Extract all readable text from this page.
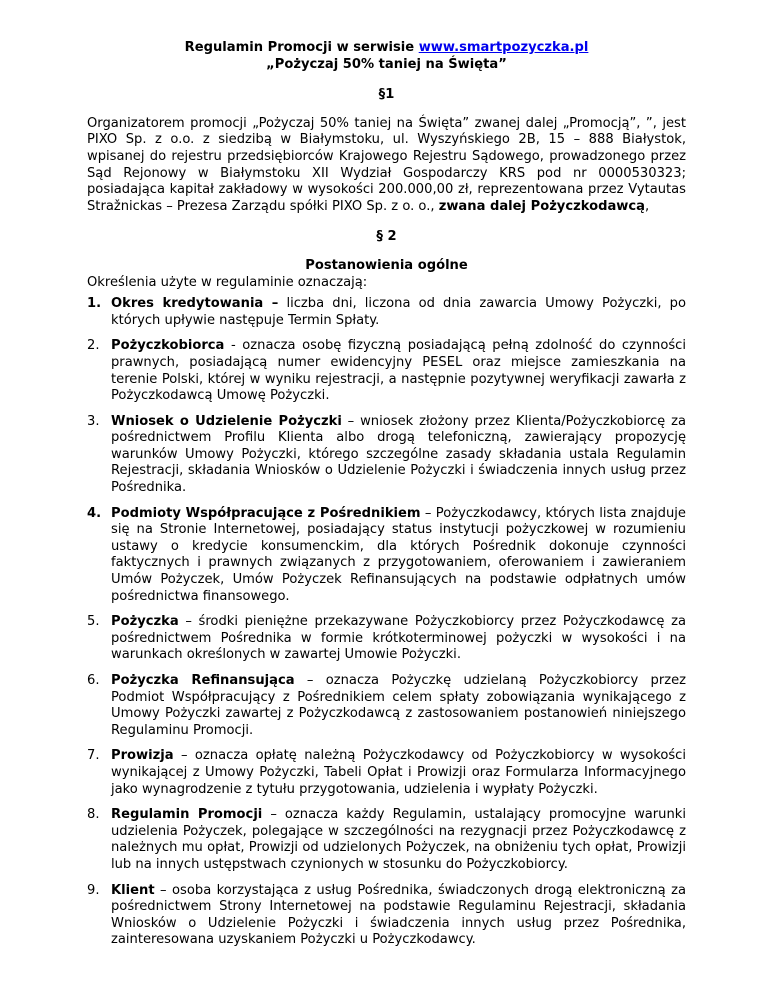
Regulamin Promocji w serwisie www.smartpozyczka.pl

„Pożyczaj 50% taniej na Święta”

§1

Organizatorem promocji „Pożyczaj 50% taniej na Święta” zwanej dalej „Promocją”, ”, jest PIXO Sp. z o.o. z siedzibą w Białymstoku, ul. Wyszyńskiego 2B, 15 – 888 Białystok, wpisanej do rejestru przedsiębiorców Krajowego Rejestru Sądowego, prowadzonego przez Sąd Rejonowy w Białymstoku XII Wydział Gospodarczy KRS pod nr 0000530323; posiadająca kapitał zakładowy w wysokości 200.000,00 zł, reprezentowana przez Vytautas Stražnickas – Prezesa Zarządu spółki PIXO Sp. z o. o., zwana dalej Pożyczkodawcą,

§ 2
Postanowienia ogólne

Określenia użyte w regulaminie oznaczają:

1. Okres kredytowania – liczba dni, liczona od dnia zawarcia Umowy Pożyczki, po których upływie następuje Termin Spłaty.
2. Pożyczkobiorca - oznacza osobę fizyczną posiadającą pełną zdolność do czynności prawnych, posiadającą numer ewidencyjny PESEL oraz miejsce zamieszkania na terenie Polski, której w wyniku rejestracji, a następnie pozytywnej weryfikacji zawarła z Pożyczkodawcą Umowę Pożyczki.
3. Wniosek o Udzielenie Pożyczki – wniosek złożony przez Klienta/Pożyczkobiorcę za pośrednictwem Profilu Klienta albo drogą telefoniczną, zawierający propozycję warunków Umowy Pożyczki, którego szczególne zasady składania ustala Regulamin Rejestracji, składania Wniosków o Udzielenie Pożyczki i świadczenia innych usług przez Pośrednika.
4. Podmioty Współpracujące z Pośrednikiem – Pożyczkodawcy, których lista znajduje się na Stronie Internetowej, posiadający status instytucji pożyczkowej w rozumieniu ustawy o kredycie konsumenckim, dla których Pośrednik dokonuje czynności faktycznych i prawnych związanych z przygotowaniem, oferowaniem i zawieraniem Umów Pożyczek, Umów Pożyczek Refinansujących na podstawie odpłatnych umów pośrednictwa finansowego.
5. Pożyczka – środki pieniężne przekazywane Pożyczkobiorcy przez Pożyczkodawcę za pośrednictwem Pośrednika w formie krótkoterminowej pożyczki w wysokości i na warunkach określonych w zawartej Umowie Pożyczki.
6. Pożyczka Refinansująca – oznacza Pożyczkę udzielaną Pożyczkobiorcy przez Podmiot Współpracujący z Pośrednikiem celem spłaty zobowiązania wynikającego z Umowy Pożyczki zawartej z Pożyczkodawcą z zastosowaniem postanowień niniejszego Regulaminu Promocji.
7. Prowizja – oznacza opłatę należną Pożyczkodawcy od Pożyczkobiorcy w wysokości wynikającej z Umowy Pożyczki, Tabeli Opłat i Prowizji oraz Formularza Informacyjnego jako wynagrodzenie z tytułu przygotowania, udzielenia i wypłaty Pożyczki.
8. Regulamin Promocji – oznacza każdy Regulamin, ustalający promocyjne warunki udzielenia Pożyczek, polegające w szczególności na rezygnacji przez Pożyczkodawcę z należnych mu opłat, Prowizji od udzielonych Pożyczek, na obniżeniu tych opłat, Prowizji lub na innych ustępstwach czynionych w stosunku do Pożyczkobiorcy.
9. Klient – osoba korzystająca z usług Pośrednika, świadczonych drogą elektroniczną za pośrednictwem Strony Internetowej na podstawie Regulaminu Rejestracji, składania Wniosków o Udzielenie Pożyczki i świadczenia innych usług przez Pośrednika, zainteresowana uzyskaniem Pożyczki u Pożyczkodawcy.
